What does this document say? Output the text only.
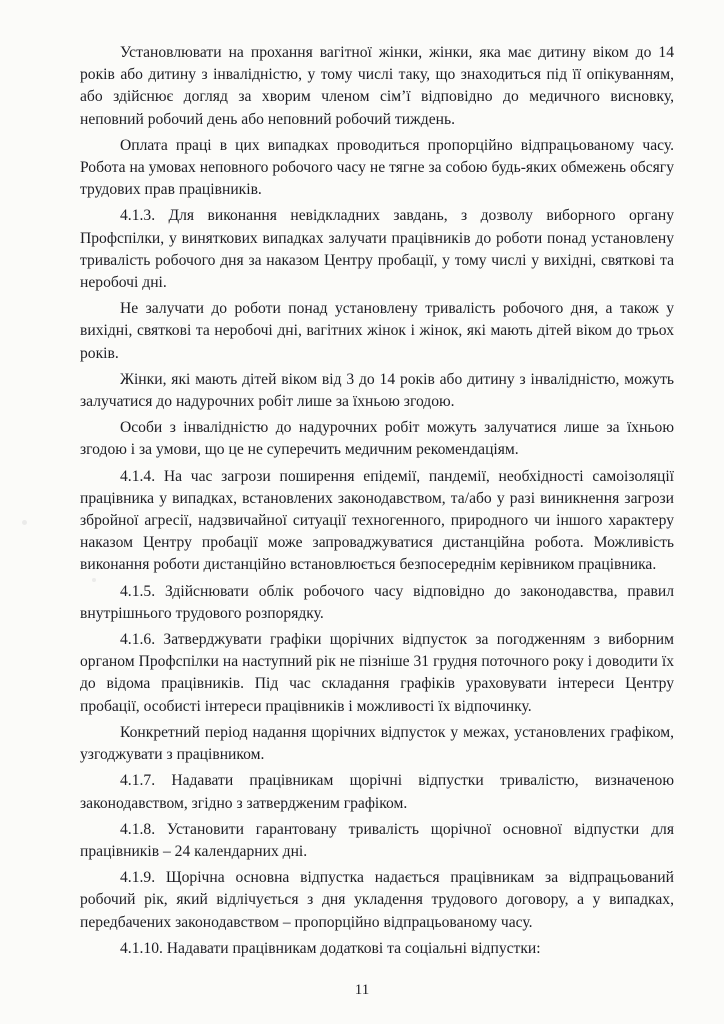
Установлювати на прохання вагітної жінки, жінки, яка має дитину віком до 14 років або дитину з інвалідністю, у тому числі таку, що знаходиться під її опікуванням, або здійснює догляд за хворим членом сім’ї відповідно до медичного висновку, неповний робочий день або неповний робочий тиждень.

Оплата праці в цих випадках проводиться пропорційно відпрацьованому часу. Робота на умовах неповного робочого часу не тягне за собою будь-яких обмежень обсягу трудових прав працівників.

4.1.3. Для виконання невідкладних завдань, з дозволу виборного органу Профспілки, у виняткових випадках залучати працівників до роботи понад установлену тривалість робочого дня за наказом Центру пробації, у тому числі у вихідні, святкові та неробочі дні.

Не залучати до роботи понад установлену тривалість робочого дня, а також у вихідні, святкові та неробочі дні, вагітних жінок і жінок, які мають дітей віком до трьох років.

Жінки, які мають дітей віком від 3 до 14 років або дитину з інвалідністю, можуть залучатися до надурочних робіт лише за їхньою згодою.

Особи з інвалідністю до надурочних робіт можуть залучатися лише за їхньою згодою і за умови, що це не суперечить медичним рекомендаціям.

4.1.4. На час загрози поширення епідемії, пандемії, необхідності самоізоляції працівника у випадках, встановлених законодавством, та/або у разі виникнення загрози збройної агресії, надзвичайної ситуації техногенного, природного чи іншого характеру наказом Центру пробації може запроваджуватися дистанційна робота. Можливість виконання роботи дистанційно встановлюється безпосереднім керівником працівника.

4.1.5. Здійснювати облік робочого часу відповідно до законодавства, правил внутрішнього трудового розпорядку.

4.1.6. Затверджувати графіки щорічних відпусток за погодженням з виборним органом Профспілки на наступний рік не пізніше 31 грудня поточного року і доводити їх до відома працівників. Під час складання графіків ураховувати інтереси Центру пробації, особисті інтереси працівників і можливості їх відпочинку.

Конкретний період надання щорічних відпусток у межах, установлених графіком, узгоджувати з працівником.

4.1.7. Надавати працівникам щорічні відпустки тривалістю, визначеною законодавством, згідно з затвердженим графіком.

4.1.8. Установити гарантовану тривалість щорічної основної відпустки для працівників – 24 календарних дні.

4.1.9. Щорічна основна відпустка надається працівникам за відпрацьований робочий рік, який відлічується з дня укладення трудового договору, а у випадках, передбачених законодавством – пропорційно відпрацьованому часу.

4.1.10. Надавати працівникам додаткові та соціальні відпустки:

11
